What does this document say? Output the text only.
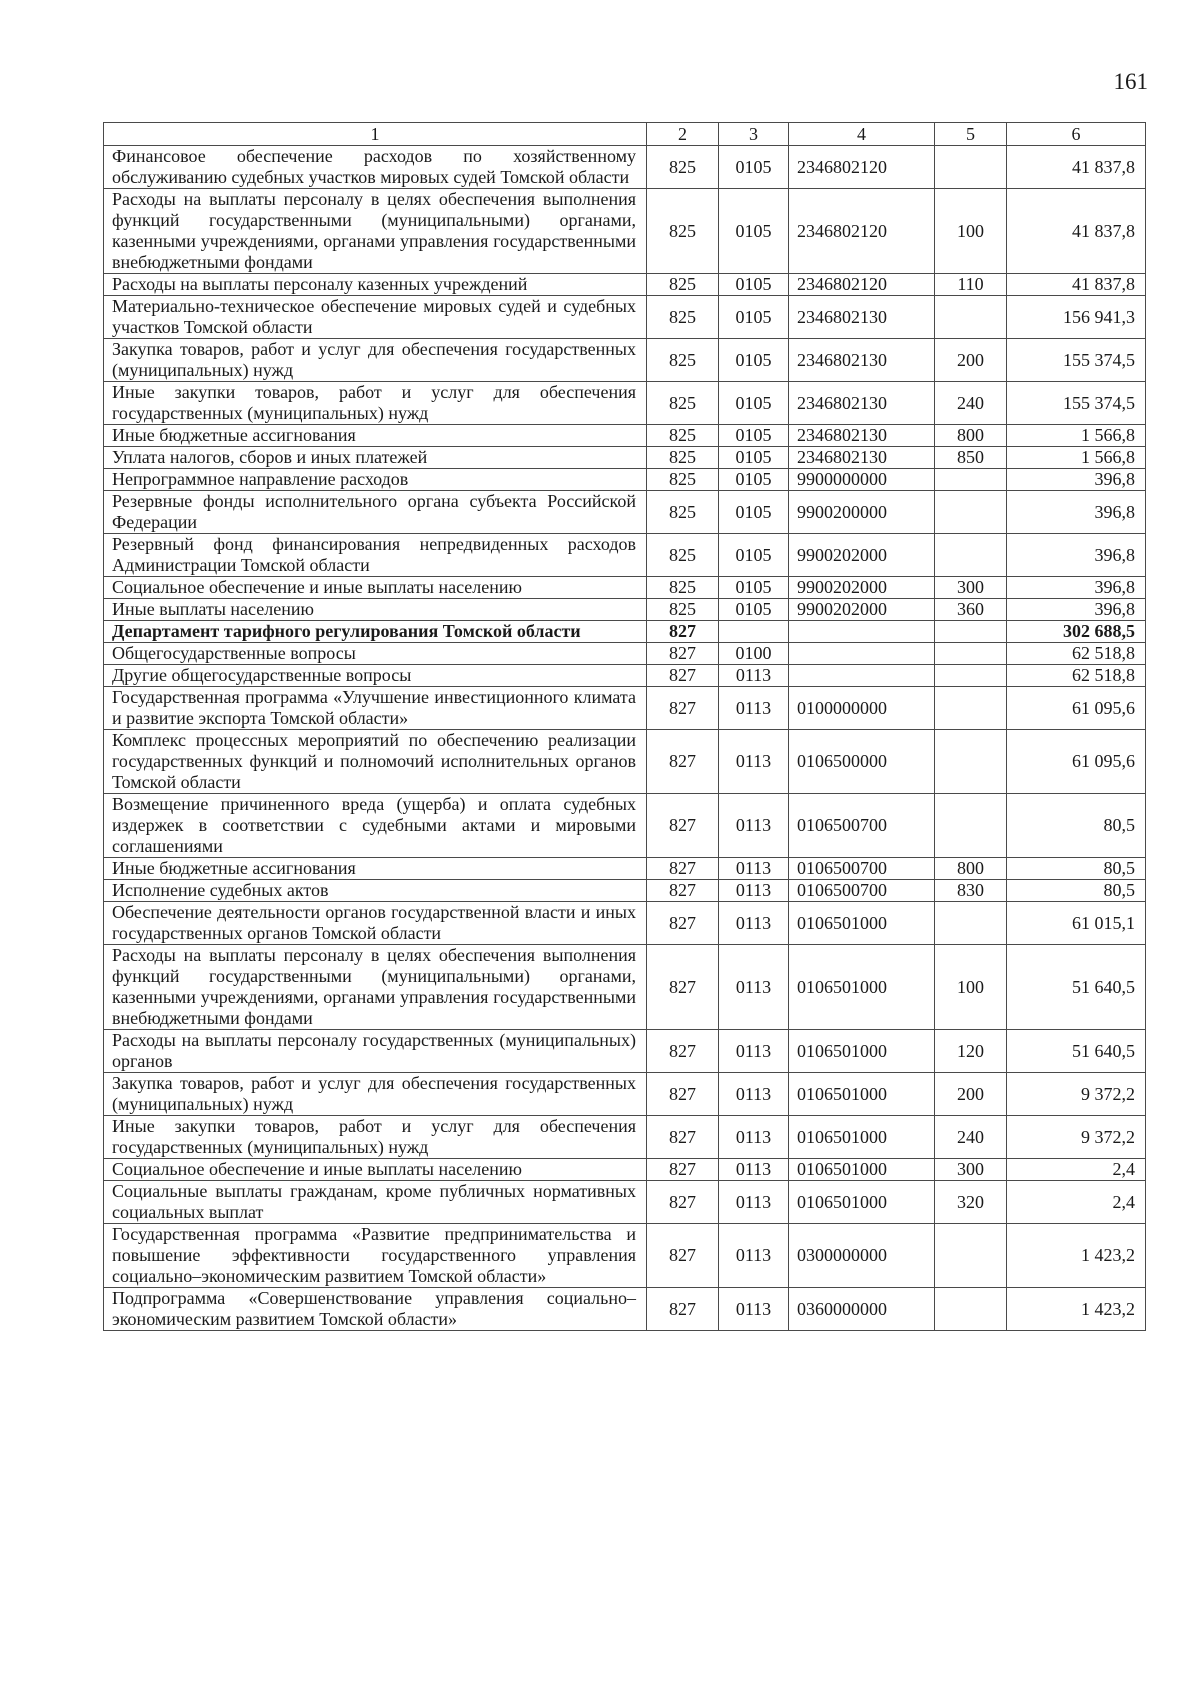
161
1	2	3	4	5	6
Финансовое обеспечение расходов по хозяйственному обслуживанию судебных участков мировых судей Томской области	825	0105	2346802120		41 837,8
Расходы на выплаты персоналу в целях обеспечения выполнения функций государственными (муниципальными) органами, казенными учреждениями, органами управления государственными внебюджетными фондами	825	0105	2346802120	100	41 837,8
Расходы на выплаты персоналу казенных учреждений	825	0105	2346802120	110	41 837,8
Материально-техническое обеспечение мировых судей и судебных участков Томской области	825	0105	2346802130		156 941,3
Закупка товаров, работ и услуг для обеспечения государственных (муниципальных) нужд	825	0105	2346802130	200	155 374,5
Иные закупки товаров, работ и услуг для обеспечения государственных (муниципальных) нужд	825	0105	2346802130	240	155 374,5
Иные бюджетные ассигнования	825	0105	2346802130	800	1 566,8
Уплата налогов, сборов и иных платежей	825	0105	2346802130	850	1 566,8
Непрограммное направление расходов	825	0105	9900000000		396,8
Резервные фонды исполнительного органа субъекта Российской Федерации	825	0105	9900200000		396,8
Резервный фонд финансирования непредвиденных расходов Администрации Томской области	825	0105	9900202000		396,8
Социальное обеспечение и иные выплаты населению	825	0105	9900202000	300	396,8
Иные выплаты населению	825	0105	9900202000	360	396,8
Департамент тарифного регулирования Томской области	827				302 688,5
Общегосударственные вопросы	827	0100			62 518,8
Другие общегосударственные вопросы	827	0113			62 518,8
Государственная программа «Улучшение инвестиционного климата и развитие экспорта Томской области»	827	0113	0100000000		61 095,6
Комплекс процессных мероприятий по обеспечению реализации государственных функций и полномочий исполнительных органов Томской области	827	0113	0106500000		61 095,6
Возмещение причиненного вреда (ущерба) и оплата судебных издержек в соответствии с судебными актами и мировыми соглашениями	827	0113	0106500700		80,5
Иные бюджетные ассигнования	827	0113	0106500700	800	80,5
Исполнение судебных актов	827	0113	0106500700	830	80,5
Обеспечение деятельности органов государственной власти и иных государственных органов Томской области	827	0113	0106501000		61 015,1
Расходы на выплаты персоналу в целях обеспечения выполнения функций государственными (муниципальными) органами, казенными учреждениями, органами управления государственными внебюджетными фондами	827	0113	0106501000	100	51 640,5
Расходы на выплаты персоналу государственных (муниципальных) органов	827	0113	0106501000	120	51 640,5
Закупка товаров, работ и услуг для обеспечения государственных (муниципальных) нужд	827	0113	0106501000	200	9 372,2
Иные закупки товаров, работ и услуг для обеспечения государственных (муниципальных) нужд	827	0113	0106501000	240	9 372,2
Социальное обеспечение и иные выплаты населению	827	0113	0106501000	300	2,4
Социальные выплаты гражданам, кроме публичных нормативных социальных выплат	827	0113	0106501000	320	2,4
Государственная программа «Развитие предпринимательства и повышение эффективности государственного управления социально–экономическим развитием Томской области»	827	0113	0300000000		1 423,2
Подпрограмма «Совершенствование управления социально–экономическим развитием Томской области»	827	0113	0360000000		1 423,2
